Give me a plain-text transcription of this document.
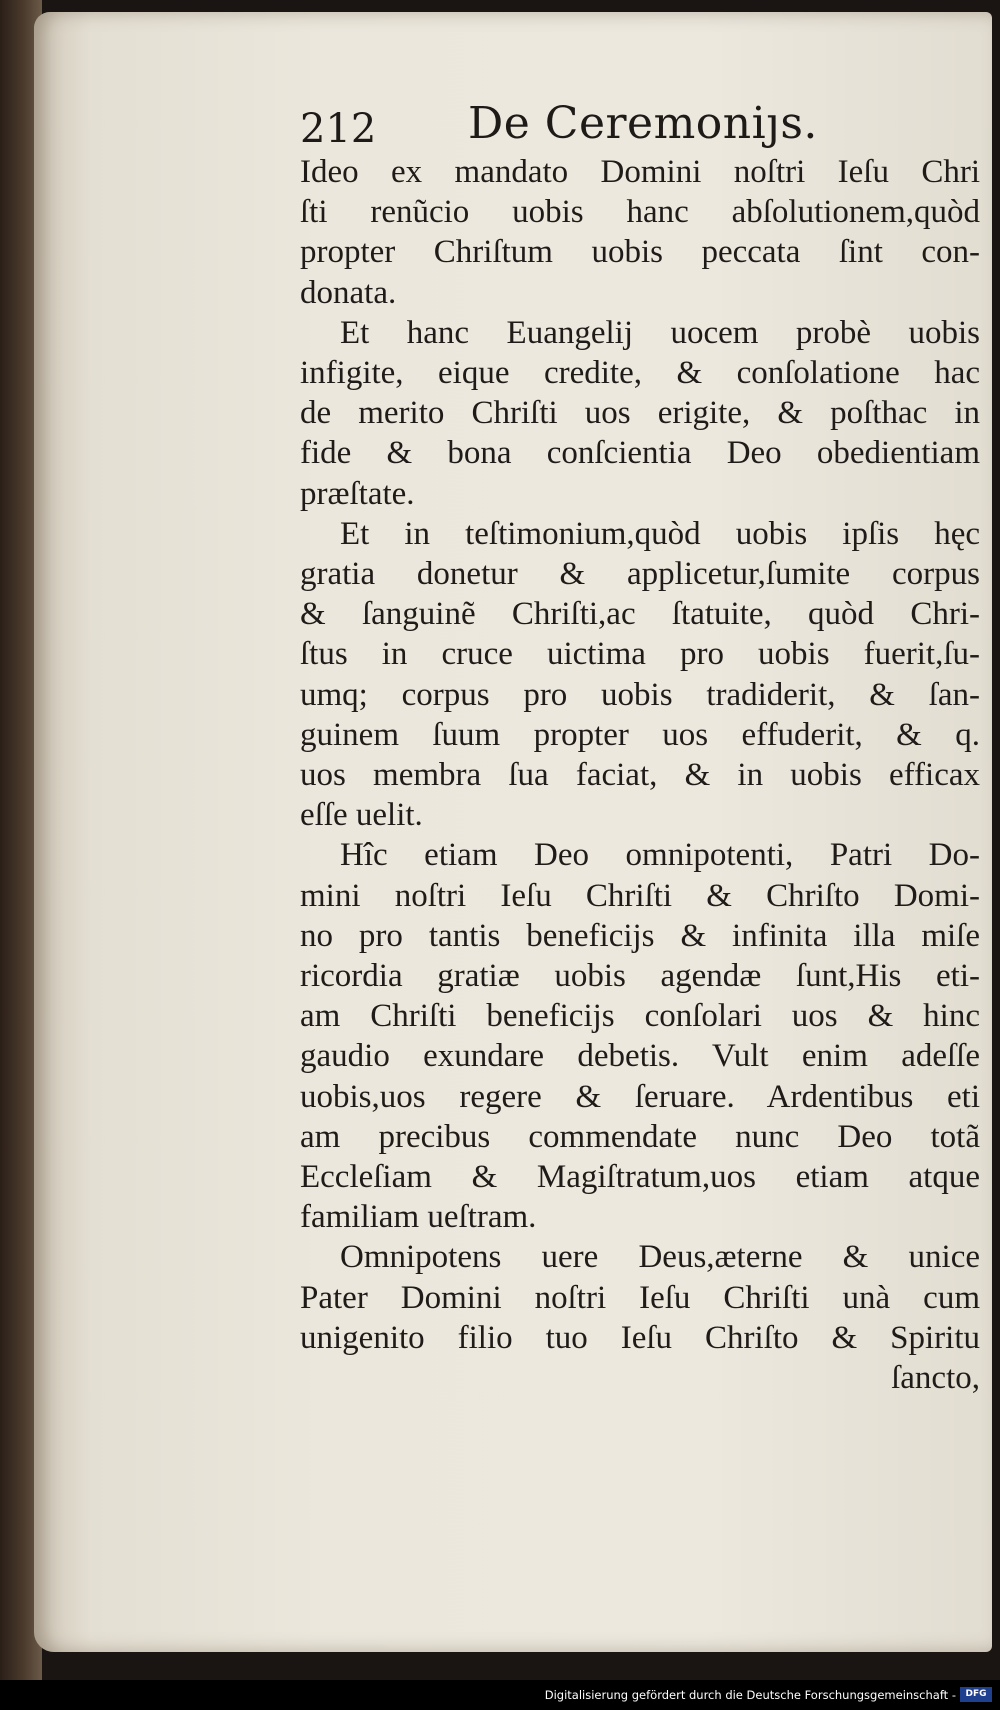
212 De Ceremoniȷs.
Ideo ex mandato Domini noſtri Ieſu Chri
ſti renũcio uobis hanc abſolutionem,quòd
propter Chriſtum uobis peccata ſint con-
donata.
Et hanc Euangelij uocem probè uobis
infigite, eique credite, & conſolatione hac
de merito Chriſti uos erigite, & poſthac in
fide & bona conſcientia Deo obedientiam
præſtate.
Et in teſtimonium,quòd uobis ipſis hęc
gratia donetur & applicetur,ſumite corpus
& ſanguinẽ Chriſti,ac ſtatuite, quòd Chri-
ſtus in cruce uictima pro uobis fuerit,ſu-
umq; corpus pro uobis tradiderit, & ſan-
guinem ſuum propter uos effuderit, & q.
uos membra ſua faciat, & in uobis efficax
eſſe uelit.
Hîc etiam Deo omnipotenti, Patri Do-
mini noſtri Ieſu Chriſti & Chriſto Domi-
no pro tantis beneficijs & infinita illa miſe
ricordia gratiæ uobis agendæ ſunt,His eti-
am Chriſti beneficijs conſolari uos & hinc
gaudio exundare debetis. Vult enim adeſſe
uobis,uos regere & ſeruare. Ardentibus eti
am precibus commendate nunc Deo totã
Eccleſiam & Magiſtratum,uos etiam atque
familiam ueſtram.
Omnipotens uere Deus,æterne & unice
Pater Domini noſtri Ieſu Chriſti unà cum
unigenito filio tuo Ieſu Chriſto & Spiritu
ſancto,
Digitalisierung gefördert durch die Deutsche Forschungsgemeinschaft -	DFG
